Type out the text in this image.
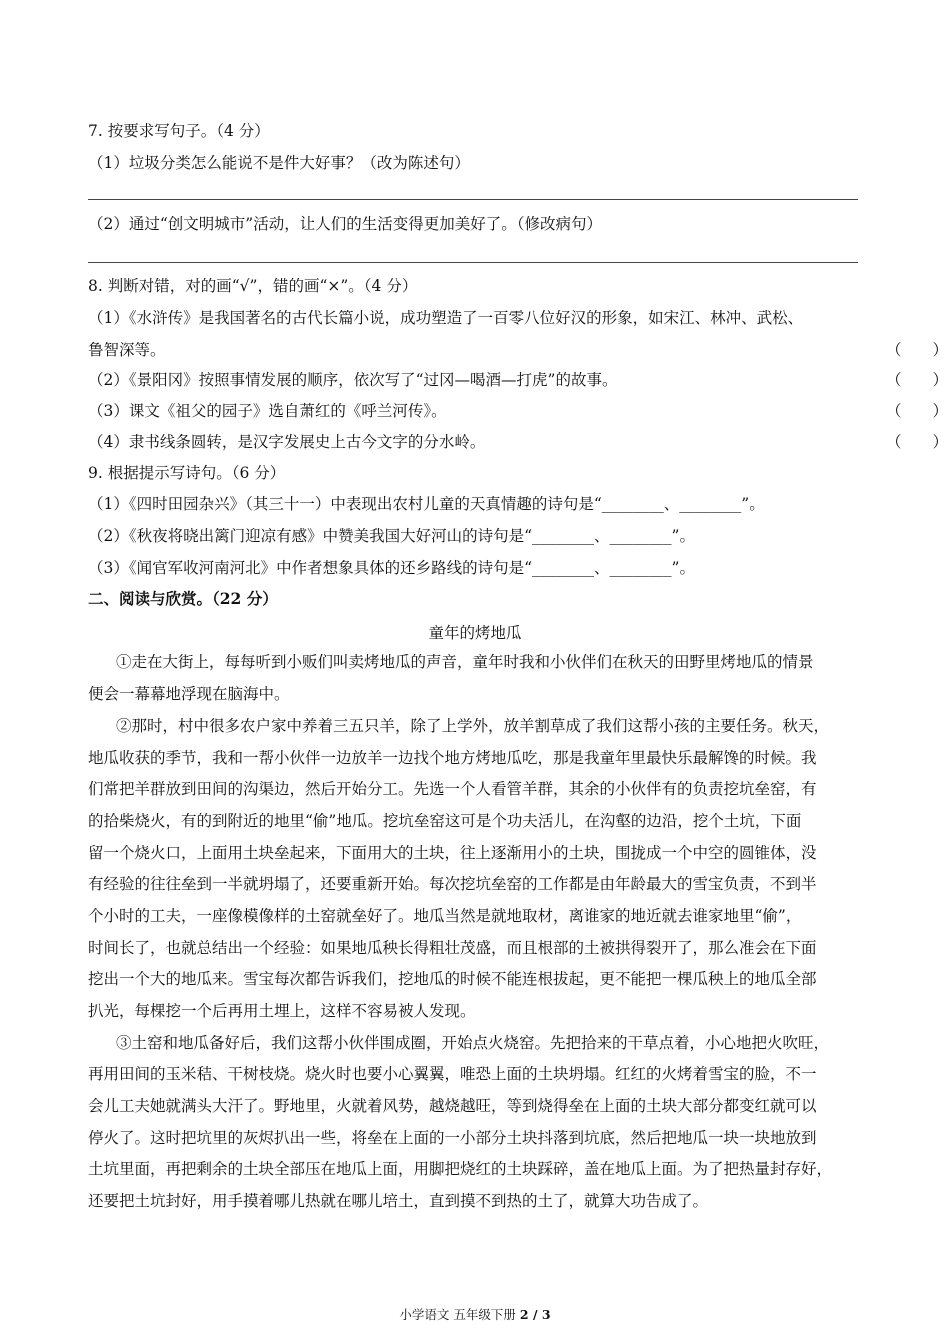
7. 按要求写句子。（4 分）
（1）垃圾分类怎么能说不是件大好事？（改为陈述句）
（2）通过“创文明城市”活动，让人们的生活变得更加美好了。（修改病句）
8. 判断对错，对的画“√”，错的画“×”。（4 分）
（1）《水浒传》是我国著名的古代长篇小说，成功塑造了一百零八位好汉的形象，如宋江、林冲、武松、
鲁智深等。	（　　）
（2）《景阳冈》按照事情发展的顺序，依次写了“过冈—喝酒—打虎”的故事。	（　　）
（3）课文《祖父的园子》选自萧红的《呼兰河传》。	（　　）
（4）隶书线条圆转，是汉字发展史上古今文字的分水岭。	（　　）
9. 根据提示写诗句。（6 分）
（1）《四时田园杂兴》（其三十一）中表现出农村儿童的天真情趣的诗句是“________、________”。
（2）《秋夜将晓出篱门迎凉有感》中赞美我国大好河山的诗句是“________、________”。
（3）《闻官军收河南河北》中作者想象具体的还乡路线的诗句是“________、________”。
二、阅读与欣赏。（22 分）
童年的烤地瓜
①走在大街上，每每听到小贩们叫卖烤地瓜的声音，童年时我和小伙伴们在秋天的田野里烤地瓜的情景
便会一幕幕地浮现在脑海中。
②那时，村中很多农户家中养着三五只羊，除了上学外，放羊割草成了我们这帮小孩的主要任务。秋天，
地瓜收获的季节，我和一帮小伙伴一边放羊一边找个地方烤地瓜吃，那是我童年里最快乐最解馋的时候。我
们常把羊群放到田间的沟渠边，然后开始分工。先选一个人看管羊群，其余的小伙伴有的负责挖坑垒窑，有
的拾柴烧火，有的到附近的地里“偷”地瓜。挖坑垒窑这可是个功夫活儿，在沟壑的边沿，挖个土坑，下面
留一个烧火口，上面用土块垒起来，下面用大的土块，往上逐渐用小的土块，围拢成一个中空的圆锥体，没
有经验的往往垒到一半就坍塌了，还要重新开始。每次挖坑垒窑的工作都是由年龄最大的雪宝负责，不到半
个小时的工夫，一座像模像样的土窑就垒好了。地瓜当然是就地取材，离谁家的地近就去谁家地里“偷”，
时间长了，也就总结出一个经验：如果地瓜秧长得粗壮茂盛，而且根部的土被拱得裂开了，那么准会在下面
挖出一个大的地瓜来。雪宝每次都告诉我们，挖地瓜的时候不能连根拔起，更不能把一棵瓜秧上的地瓜全部
扒光，每棵挖一个后再用土埋上，这样不容易被人发现。
③土窑和地瓜备好后，我们这帮小伙伴围成圈，开始点火烧窑。先把拾来的干草点着，小心地把火吹旺，
再用田间的玉米秸、干树枝烧。烧火时也要小心翼翼，唯恐上面的土块坍塌。红红的火烤着雪宝的脸，不一
会儿工夫她就满头大汗了。野地里，火就着风势，越烧越旺，等到烧得垒在上面的土块大部分都变红就可以
停火了。这时把坑里的灰烬扒出一些，将垒在上面的一小部分土块抖落到坑底，然后把地瓜一块一块地放到
土坑里面，再把剩余的土块全部压在地瓜上面，用脚把烧红的土块踩碎，盖在地瓜上面。为了把热量封存好，
还要把土坑封好，用手摸着哪儿热就在哪儿培土，直到摸不到热的土了，就算大功告成了。
小学语文 五年级下册 2 / 3
